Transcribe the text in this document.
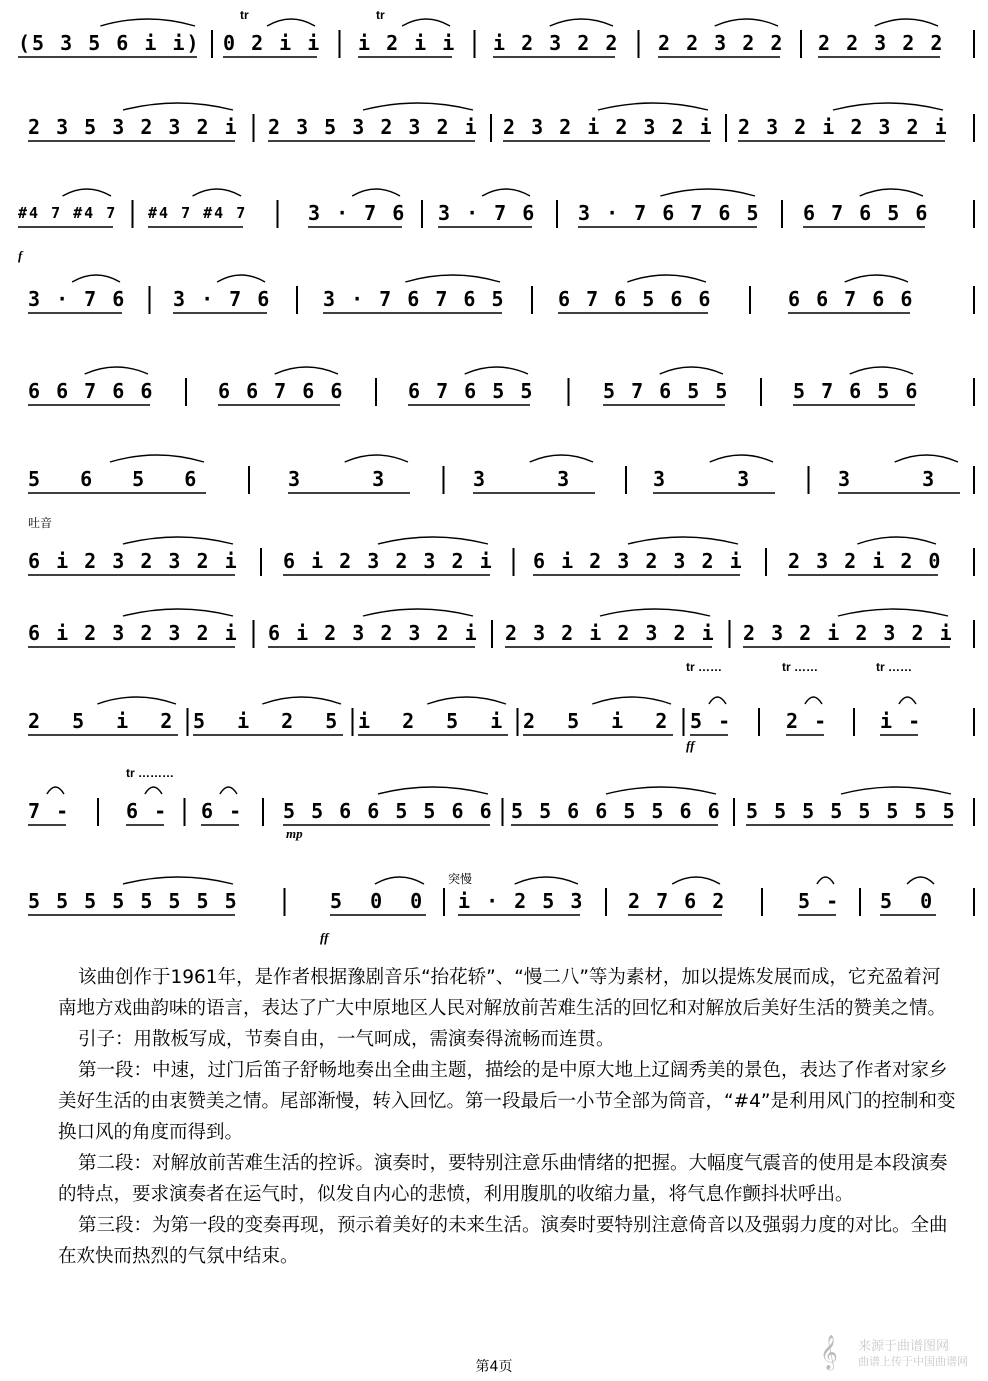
tr	tr
(5 3 5 6 i i) 0 2 i i i 2 i i i 2 3 2 2 2 2 3 2 2 2 2 3 2 2
2 3 5 3 2 3 2 i 2 3 5 3 2 3 2 i 2 3 2 i 2 3 2 i 2 3 2 i 2 3 2 i
#4 7 #4 7 #4 7 #4 7	3 · 7 6 3 · 7 6 3 · 7 6 7 6 5 6 7 6 5 6
f
3 · 7 6 3 · 7 6	3 · 7 6 7 6 5	6 7 6 5 6 6	6 6 7 6 6
6 6 7 6 6	6 6 7 6 6	6 7 6 5 5	5 7 6 5 5	5 7 6 5 6
5 6 5 6	3 3	3 3	3 3	3 3
吐音
6 i 2 3 2 3 2 i 6 i 2 3 2 3 2 i 6 i 2 3 2 3 2 i 2 3 2 i 2 0
6 i 2 3 2 3 2 i 6 i 2 3 2 3 2 i 2 3 2 i 2 3 2 i 2 3 2 i 2 3 2 i
tr ……	tr ……	tr ……
ff
2 5 i 2 5 i 2 5 i 2 5 i 2 5 i 2 5 -	2 -	i -
tr ………
mp
7 -	6 - 6 - 5 5 6 6 5 5 6 6 5 5 6 6 5 5 6 6 5 5 5 5 5 5 5 5
突慢
ff
5 5 5 5 5 5 5 5	5 0 0 i · 2 5 3 2 7 6 2	5 - 5 0

该曲创作于1961年，是作者根据豫剧音乐“抬花轿”、“慢二八”等为素材，加以提炼发展而成，它充盈着河南地方戏曲韵味的语言，表达了广大中原地区人民对解放前苦难生活的回忆和对解放后美好生活的赞美之情。

引子：用散板写成，节奏自由，一气呵成，需演奏得流畅而连贯。

第一段：中速，过门后笛子舒畅地奏出全曲主题，描绘的是中原大地上辽阔秀美的景色，表达了作者对家乡美好生活的由衷赞美之情。尾部渐慢，转入回忆。第一段最后一小节全部为筒音，“#4”是利用风门的控制和变换口风的角度而得到。

第二段：对解放前苦难生活的控诉。演奏时，要特别注意乐曲情绪的把握。大幅度气震音的使用是本段演奏的特点，要求演奏者在运气时，似发自内心的悲愤，利用腹肌的收缩力量，将气息作颤抖状呼出。

第三段：为第一段的变奏再现，预示着美好的未来生活。演奏时要特别注意倚音以及强弱力度的对比。全曲在欢快而热烈的气氛中结束。

第4页	𝄞	来源于曲谱图网
曲谱上传于中国曲谱网
